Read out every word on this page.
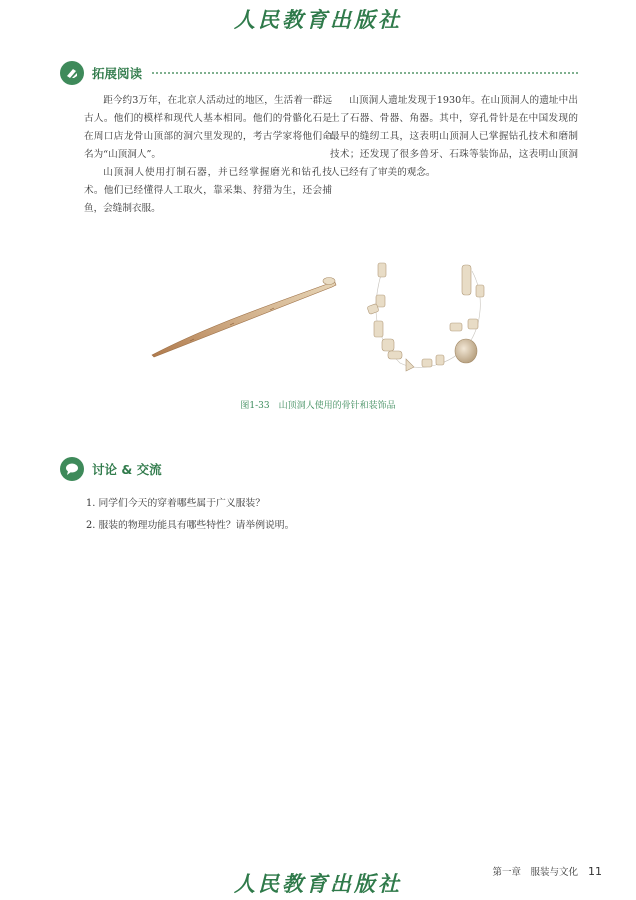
人民教育出版社
拓展阅读

距今约3万年，在北京人活动过的地区，生活着一群远古人。他们的模样和现代人基本相同。他们的骨骼化石是在周口店龙骨山顶部的洞穴里发现的，考古学家将他们命名为“山顶洞人”。

山顶洞人使用打制石器，并已经掌握磨光和钻孔技术。他们已经懂得人工取火，靠采集、狩猎为生，还会捕鱼，会缝制衣服。

山顶洞人遗址发现于1930年。在山顶洞人的遗址中出土了石器、骨器、角器。其中，穿孔骨针是在中国发现的最早的缝纫工具，这表明山顶洞人已掌握钻孔技术和磨制技术；还发现了很多兽牙、石珠等装饰品，这表明山顶洞人已经有了审美的观念。

图1-33　山顶洞人使用的骨针和装饰品
讨论 & 交流
1. 同学们今天的穿着哪些属于广义服装？
2. 服装的物理功能具有哪些特性？请举例说明。
第一章　服装与文化 11
人民教育出版社
